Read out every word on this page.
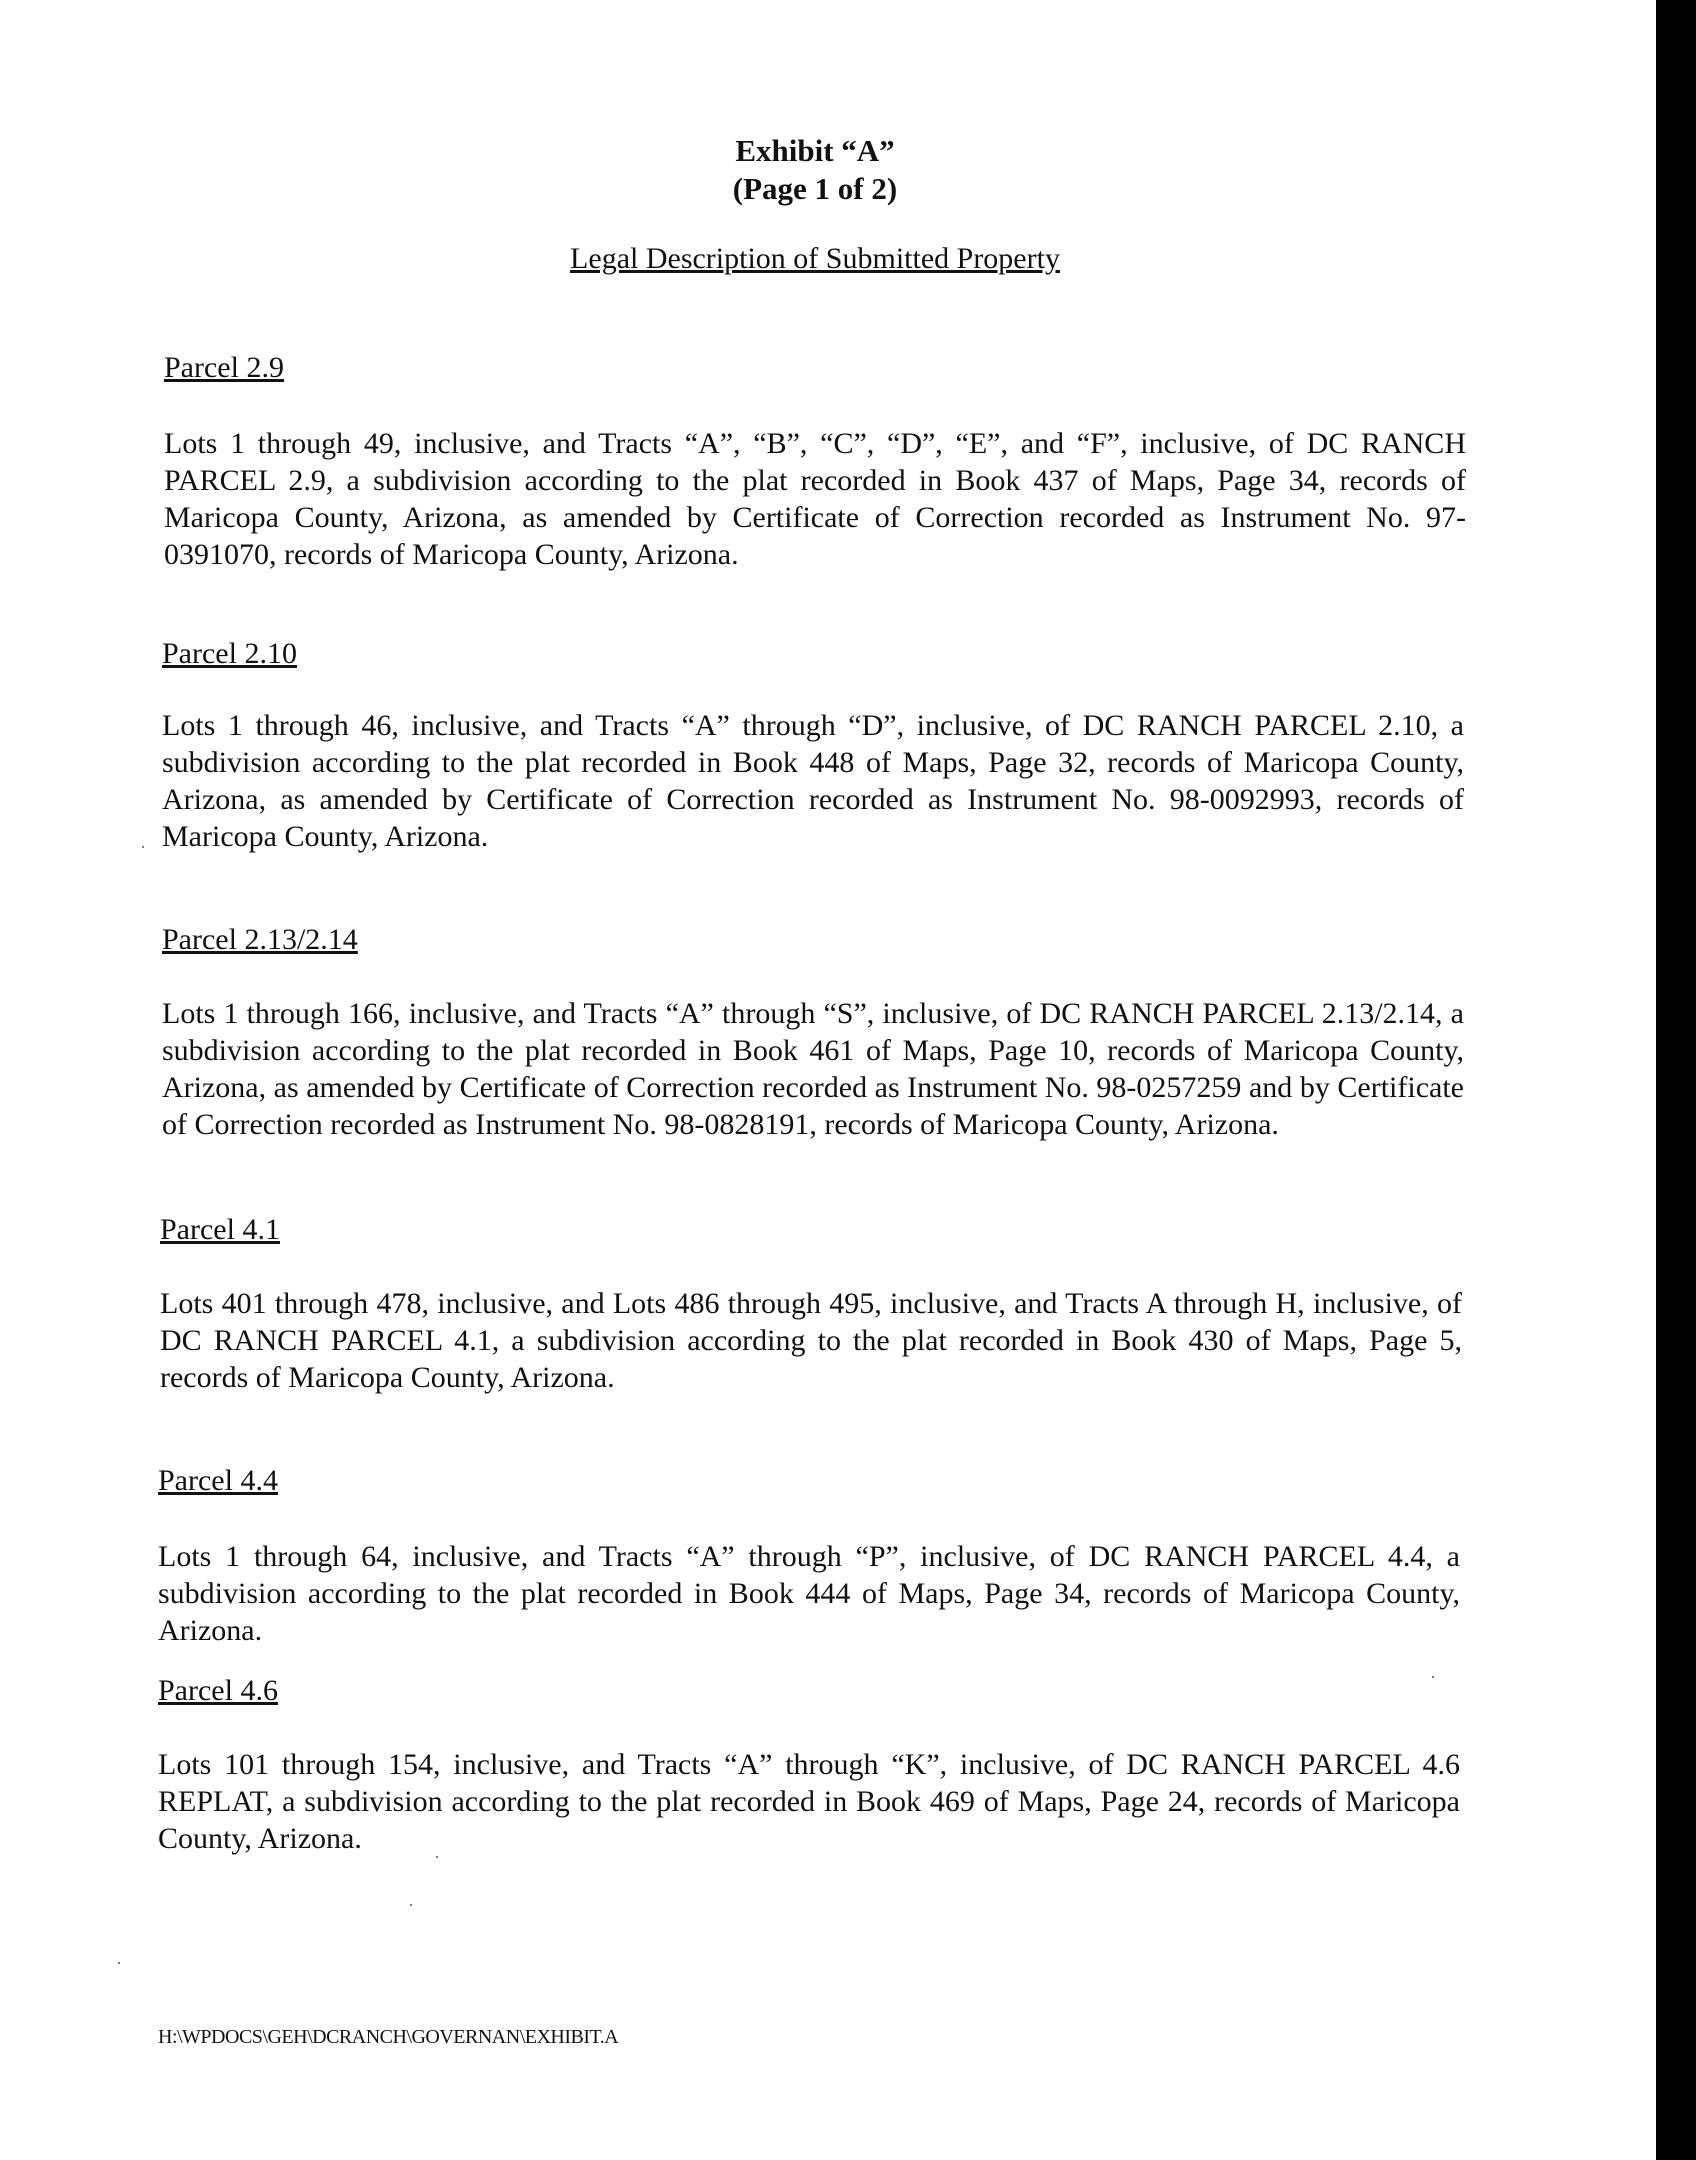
Exhibit “A”
(Page 1 of 2)
Legal Description of Submitted Property
Parcel 2.9
Lots 1 through 49, inclusive, and Tracts “A”, “B”, “C”, “D”, “E”, and “F”, inclusive, of DC RANCH PARCEL 2.9, a subdivision according to the plat recorded in Book 437 of Maps, Page 34, records of Maricopa County, Arizona, as amended by Certificate of Correction recorded as Instrument No. 97-0391070, records of Maricopa County, Arizona.
Parcel 2.10
Lots 1 through 46, inclusive, and Tracts “A” through “D”, inclusive, of DC RANCH PARCEL 2.10, a subdivision according to the plat recorded in Book 448 of Maps, Page 32, records of Maricopa County, Arizona, as amended by Certificate of Correction recorded as Instrument No. 98-0092993, records of Maricopa County, Arizona.
Parcel 2.13/2.14
Lots 1 through 166, inclusive, and Tracts “A” through “S”, inclusive, of DC RANCH PARCEL 2.13/2.14, a subdivision according to the plat recorded in Book 461 of Maps, Page 10, records of Maricopa County, Arizona, as amended by Certificate of Correction recorded as Instrument No. 98-0257259 and by Certificate of Correction recorded as Instrument No. 98-0828191, records of Maricopa County, Arizona.
Parcel 4.1
Lots 401 through 478, inclusive, and Lots 486 through 495, inclusive, and Tracts A through H, inclusive, of DC RANCH PARCEL 4.1, a subdivision according to the plat recorded in Book 430 of Maps, Page 5, records of Maricopa County, Arizona.
Parcel 4.4
Lots 1 through 64, inclusive, and Tracts “A” through “P”, inclusive, of DC RANCH PARCEL 4.4, a subdivision according to the plat recorded in Book 444 of Maps, Page 34, records of Maricopa County, Arizona.
Parcel 4.6
Lots 101 through 154, inclusive, and Tracts “A” through “K”, inclusive, of DC RANCH PARCEL 4.6 REPLAT, a subdivision according to the plat recorded in Book 469 of Maps, Page 24, records of Maricopa County, Arizona.
H:\WPDOCS\GEH\DCRANCH\GOVERNAN\EXHIBIT.A
